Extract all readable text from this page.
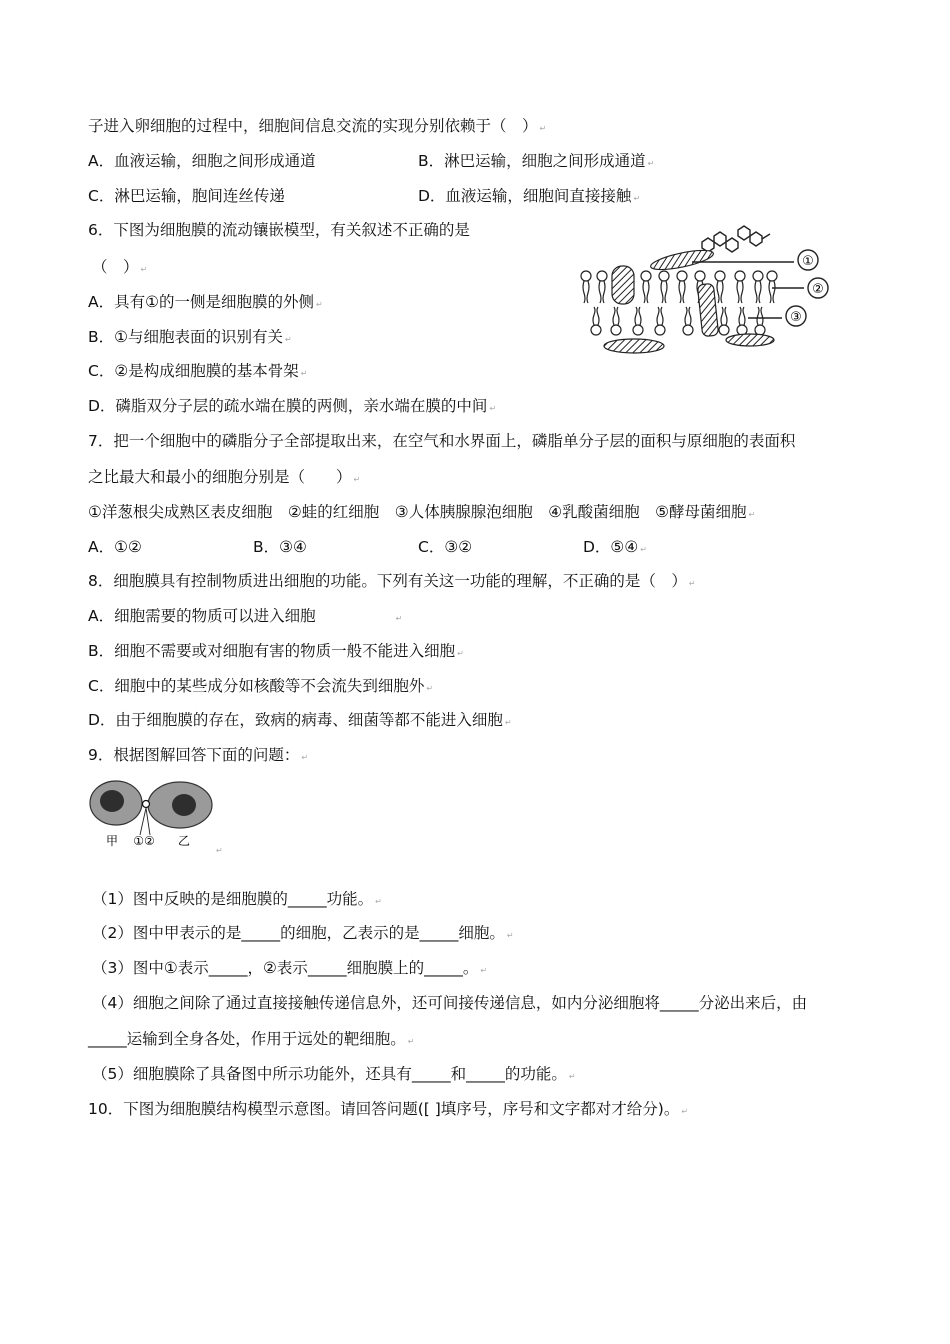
子进入卵细胞的过程中，细胞间信息交流的实现分别依赖于（　） ↵
A．血液运输，细胞之间形成通道	B．淋巴运输，细胞之间形成通道 ↵
C．淋巴运输，胞间连丝传递	D．血液运输，细胞间直接接触 ↵
6．下图为细胞膜的流动镶嵌模型，有关叙述不正确的是
（　） ↵
A．具有①的一侧是细胞膜的外侧 ↵
B．①与细胞表面的识别有关 ↵
C．②是构成细胞膜的基本骨架 ↵
D．磷脂双分子层的疏水端在膜的两侧，亲水端在膜的中间 ↵
①
②
③
7．把一个细胞中的磷脂分子全部提取出来，在空气和水界面上，磷脂单分子层的面积与原细胞的表面积
之比最大和最小的细胞分别是（　　） ↵
①洋葱根尖成熟区表皮细胞　②蛙的红细胞　③人体胰腺腺泡细胞　④乳酸菌细胞　⑤酵母菌细胞 ↵
A．①②	B．③④	C．③②	D．⑤④ ↵
8．细胞膜具有控制物质进出细胞的功能。下列有关这一功能的理解，不正确的是（　） ↵
A．细胞需要的物质可以进入细胞	↵
B．细胞不需要或对细胞有害的物质一般不能进入细胞 ↵
C．细胞中的某些成分如核酸等不会流失到细胞外 ↵
D．由于细胞膜的存在，致病的病毒、细菌等都不能进入细胞 ↵
9．根据图解回答下面的问题： ↵
甲 ①② 乙
↵
（1）图中反映的是细胞膜的_____功能。 ↵
（2）图中甲表示的是_____的细胞，乙表示的是_____细胞。 ↵
（3）图中①表示_____，②表示_____细胞膜上的_____。 ↵
（4）细胞之间除了通过直接接触传递信息外，还可间接传递信息，如内分泌细胞将_____分泌出来后，由
_____运输到全身各处，作用于远处的靶细胞。 ↵
（5）细胞膜除了具备图中所示功能外，还具有_____和_____的功能。 ↵
10．下图为细胞膜结构模型示意图。请回答问题([ ]填序号，序号和文字都对才给分)。 ↵
